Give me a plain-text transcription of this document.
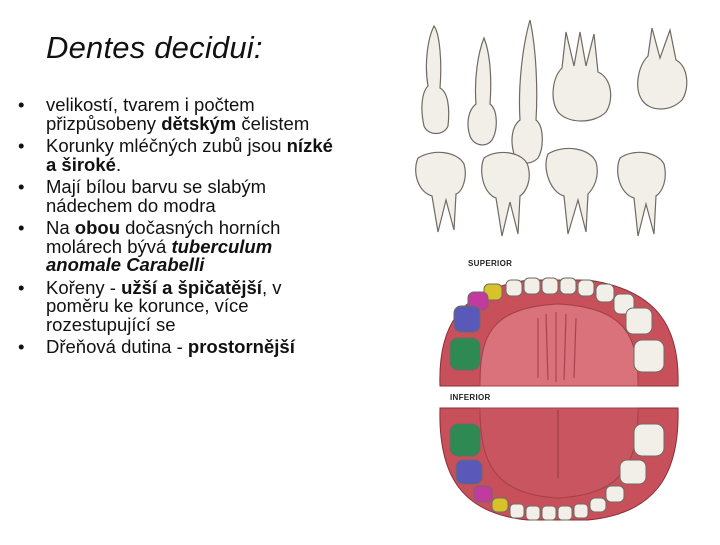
Dentes decidui:
• velikostí, tvarem i počtem přizpůsobeny dětským čelistem
• Korunky mléčných zubů jsou nízké a široké.
• Mají bílou barvu se slabým nádechem do modra
• Na obou dočasných horních molárech bývá tuberculum anomale Carabelli
• Kořeny - užší a špičatější, v poměru ke korunce, více rozestupující se
• Dřeňová dutina - prostornější
SUPERIOR
INFERIOR
